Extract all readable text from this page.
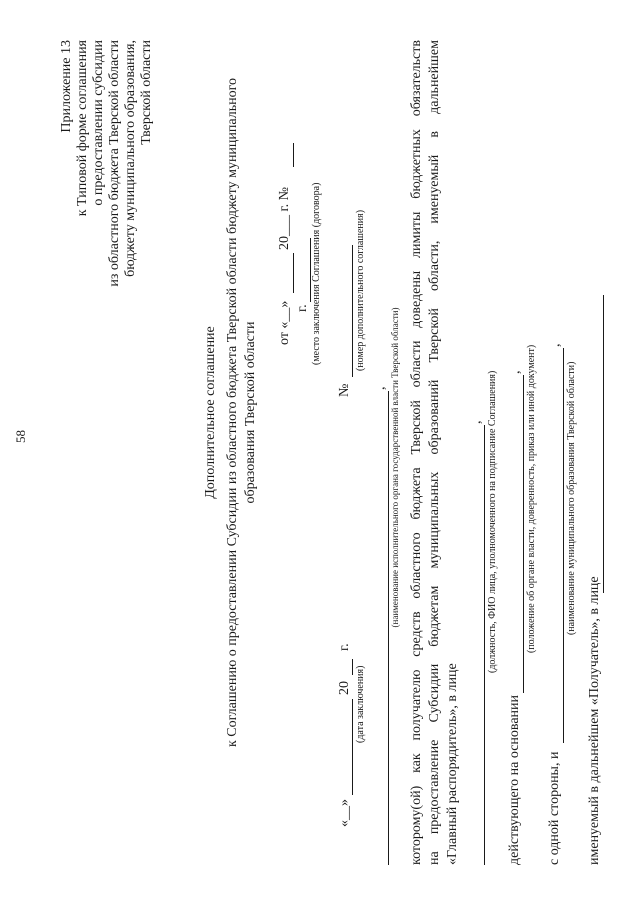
58
Приложение 13 к Типовой форме соглашения о предоставлении субсидии из областного бюджета Тверской области бюджету муниципального образования, Тверской области
Дополнительное соглашение к Соглашению о предоставлении Субсидии из областного бюджета Тверской области бюджету муниципального образования Тверской области от «__»
20___ г. №
г. (место заключения Соглашения (договора)
«__»
20
г.
(дата заключения)
№
(номер дополнительного соглашения)
, (наименование исполнительного органа государственной власти Тверской области) которому(ой) как получателю средств областного бюджета Тверской области доведены лимиты бюджетных обязательств на предоставление Субсидии бюджетам муниципальных образований Тверской области, именуемый в дальнейшем «Главный распорядитель», в лице
, (должность, ФИО лица, уполномоченного на подписание Соглашения)
действующего на основании
, (положение об органе власти, доверенность, приказ или иной документ)
с одной стороны, и
,
(наименование муниципального образования Тверской области)
именуемый в дальнейшем «Получатель», в лице
